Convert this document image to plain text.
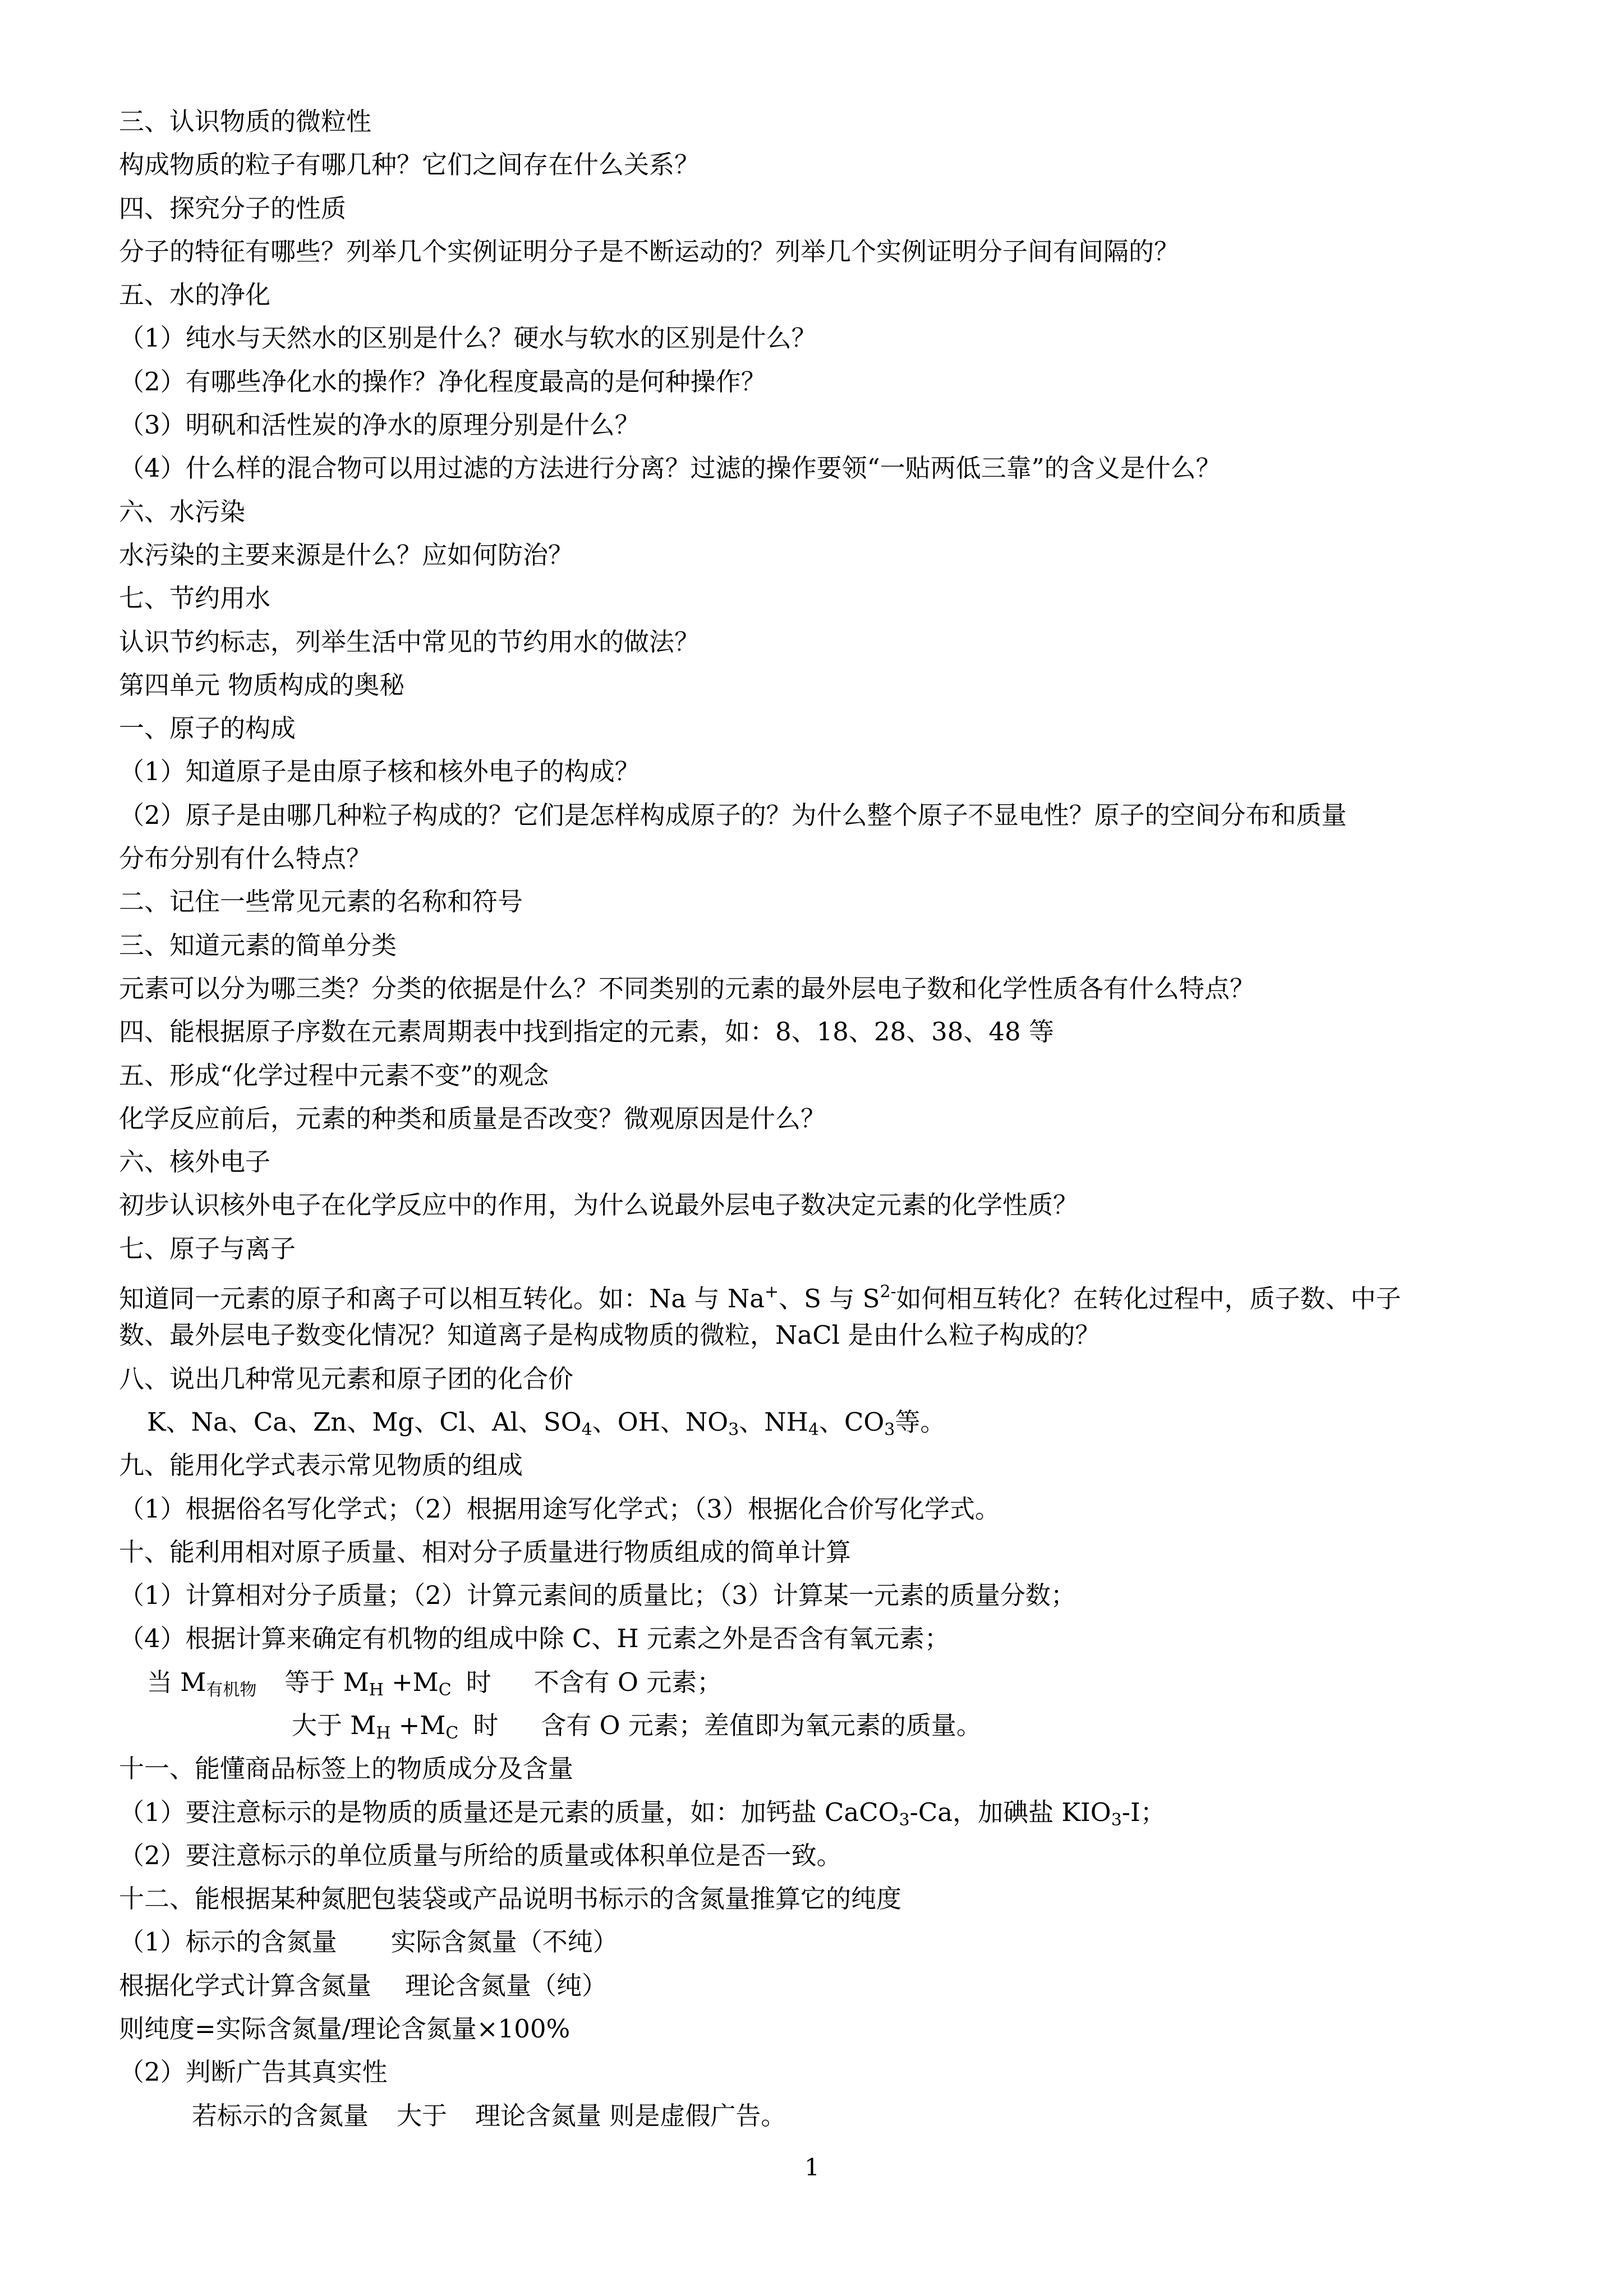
三、认识物质的微粒性
构成物质的粒子有哪几种？它们之间存在什么关系？
四、探究分子的性质
分子的特征有哪些？列举几个实例证明分子是不断运动的？列举几个实例证明分子间有间隔的？
五、水的净化
（1）纯水与天然水的区别是什么？硬水与软水的区别是什么？
（2）有哪些净化水的操作？净化程度最高的是何种操作？
（3）明矾和活性炭的净水的原理分别是什么？
（4）什么样的混合物可以用过滤的方法进行分离？过滤的操作要领“一贴两低三靠”的含义是什么？
六、水污染
水污染的主要来源是什么？应如何防治？
七、节约用水
认识节约标志，列举生活中常见的节约用水的做法？
第四单元 物质构成的奥秘
一、原子的构成
（1）知道原子是由原子核和核外电子的构成？
（2）原子是由哪几种粒子构成的？它们是怎样构成原子的？为什么整个原子不显电性？原子的空间分布和质量
分布分别有什么特点？
二、记住一些常见元素的名称和符号
三、知道元素的简单分类
元素可以分为哪三类？分类的依据是什么？不同类别的元素的最外层电子数和化学性质各有什么特点？
四、能根据原子序数在元素周期表中找到指定的元素，如：8、18、28、38、48 等
五、形成“化学过程中元素不变”的观念
化学反应前后，元素的种类和质量是否改变？微观原因是什么？
六、核外电子
初步认识核外电子在化学反应中的作用，为什么说最外层电子数决定元素的化学性质？
七、原子与离子
知道同一元素的原子和离子可以相互转化。如：Na 与 Na+、S 与 $S^{2-}$如何相互转化？在转化过程中，质子数、中子
数、最外层电子数变化情况？知道离子是构成物质的微粒，NaCl 是由什么粒子构成的？
八、说出几种常见元素和原子团的化合价
K、Na、Ca、Zn、Mg、Cl、Al、$SO_4$、OH、$NO_3$、$NH_4$、$CO_3$等。
九、能用化学式表示常见物质的组成
（1）根据俗名写化学式；（2）根据用途写化学式；（3）根据化合价写化学式。
十、能利用相对原子质量、相对分子质量进行物质组成的简单计算
（1）计算相对分子质量；（2）计算元素间的质量比；（3）计算某一元素的质量分数；
（4）根据计算来确定有机物的组成中除 C、H 元素之外是否含有氧元素；
当 $M_{有机物}$ 等于 $M_H +M_C$ 时 不含有 O 元素；
大于 $M_H +M_C$ 时 含有 O 元素；差值即为氧元素的质量。
十一、能懂商品标签上的物质成分及含量
（1）要注意标示的是物质的质量还是元素的质量，如：加钙盐 CaCO$_3$-Ca，加碘盐 $KIO_3-I$；
（2）要注意标示的单位质量与所给的质量或体积单位是否一致。
十二、能根据某种氮肥包装袋或产品说明书标示的含氮量推算它的纯度
（1）标示的含氮量 实际含氮量（不纯）
根据化学式计算含氮量 理论含氮量（纯）
则纯度=实际含氮量/理论含氮量×100%
（2）判断广告其真实性
若标示的含氮量 大于 理论含氮量 则是虚假广告。
1
